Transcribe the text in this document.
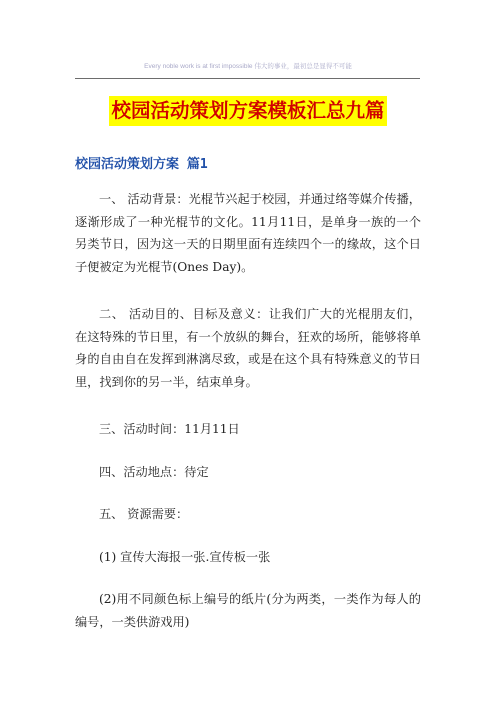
Every noble work is at first impossible 伟大的事业，最初总是显得不可能
校园活动策划方案模板汇总九篇
校园活动策划方案 篇1
一、 活动背景：光棍节兴起于校园，并通过络等媒介传播，
逐渐形成了一种光棍节的文化。11月11日，是单身一族的一个
另类节日，因为这一天的日期里面有连续四个一的缘故，这个日
子便被定为光棍节(Ones Day)。
二、 活动目的、目标及意义：让我们广大的光棍朋友们，
在这特殊的节日里，有一个放纵的舞台，狂欢的场所，能够将单
身的自由自在发挥到淋漓尽致，或是在这个具有特殊意义的节日
里，找到你的另一半，结束单身。
三、活动时间：11月11日
四、活动地点：待定
五、 资源需要：
(1) 宣传大海报一张.宣传板一张
(2)用不同颜色标上编号的纸片(分为两类，一类作为每人的
编号，一类供游戏用)
